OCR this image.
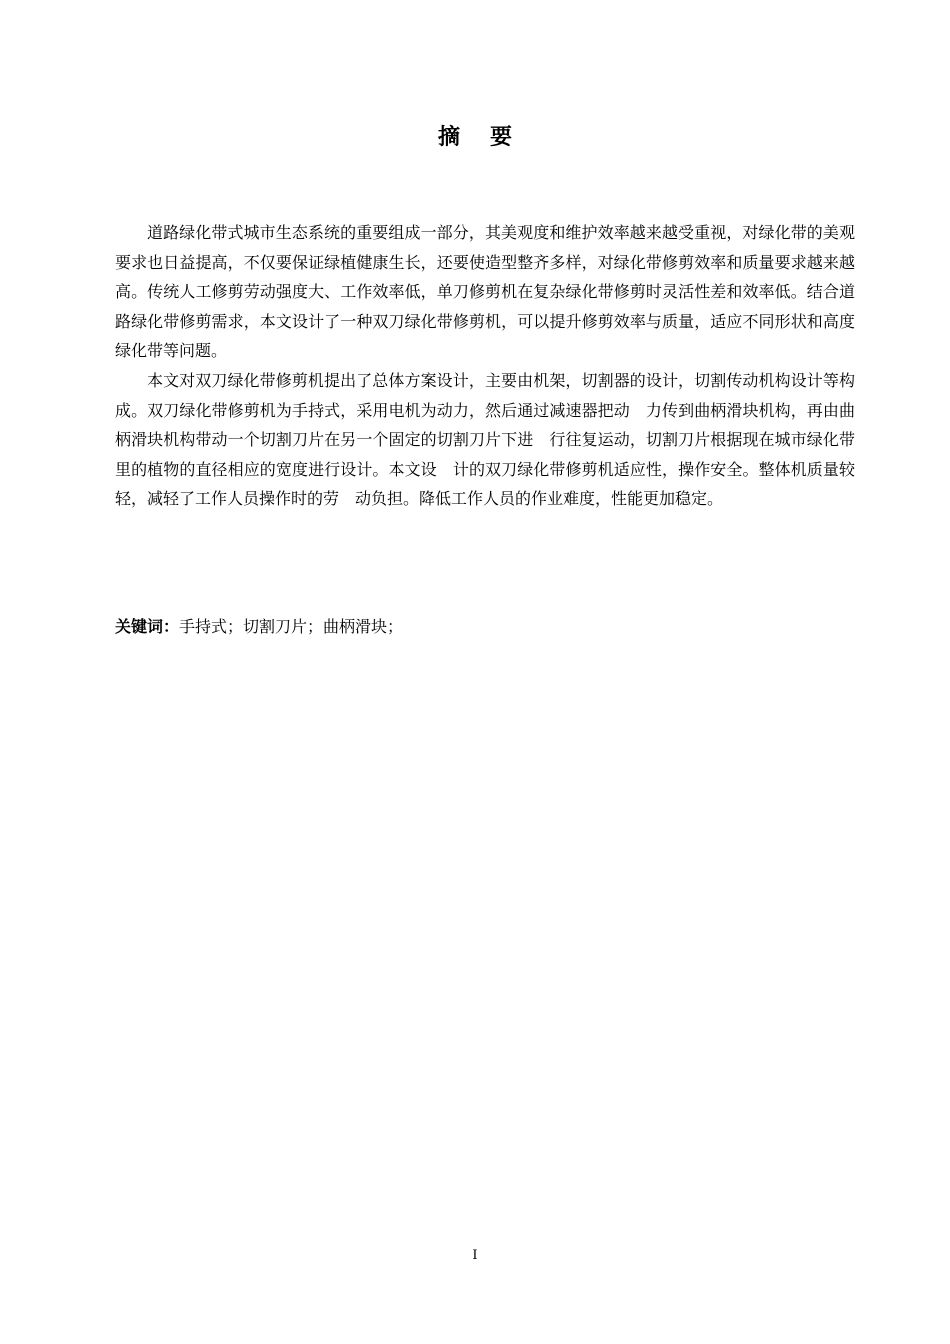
摘 要

道路绿化带式城市生态系统的重要组成一部分，其美观度和维护效率越来越受重视，对绿化带的美观要求也日益提高，不仅要保证绿植健康生长，还要使造型整齐多样，对绿化带修剪效率和质量要求越来越高。传统人工修剪劳动强度大、工作效率低，单刀修剪机在复杂绿化带修剪时灵活性差和效率低。结合道路绿化带修剪需求，本文设计了一种双刀绿化带修剪机，可以提升修剪效率与质量，适应不同形状和高度绿化带等问题。

本文对双刀绿化带修剪机提出了总体方案设计，主要由机架，切割器的设计，切割传动机构设计等构成。双刀绿化带修剪机为手持式，采用电机为动力，然后通过减速器把动　力传到曲柄滑块机构，再由曲柄滑块机构带动一个切割刀片在另一个固定的切割刀片下进　行往复运动，切割刀片根据现在城市绿化带里的植物的直径相应的宽度进行设计。本文设　计的双刀绿化带修剪机适应性，操作安全。整体机质量较轻，减轻了工作人员操作时的劳　动负担。降低工作人员的作业难度，性能更加稳定。

关键词：手持式；切割刀片；曲柄滑块；
I
